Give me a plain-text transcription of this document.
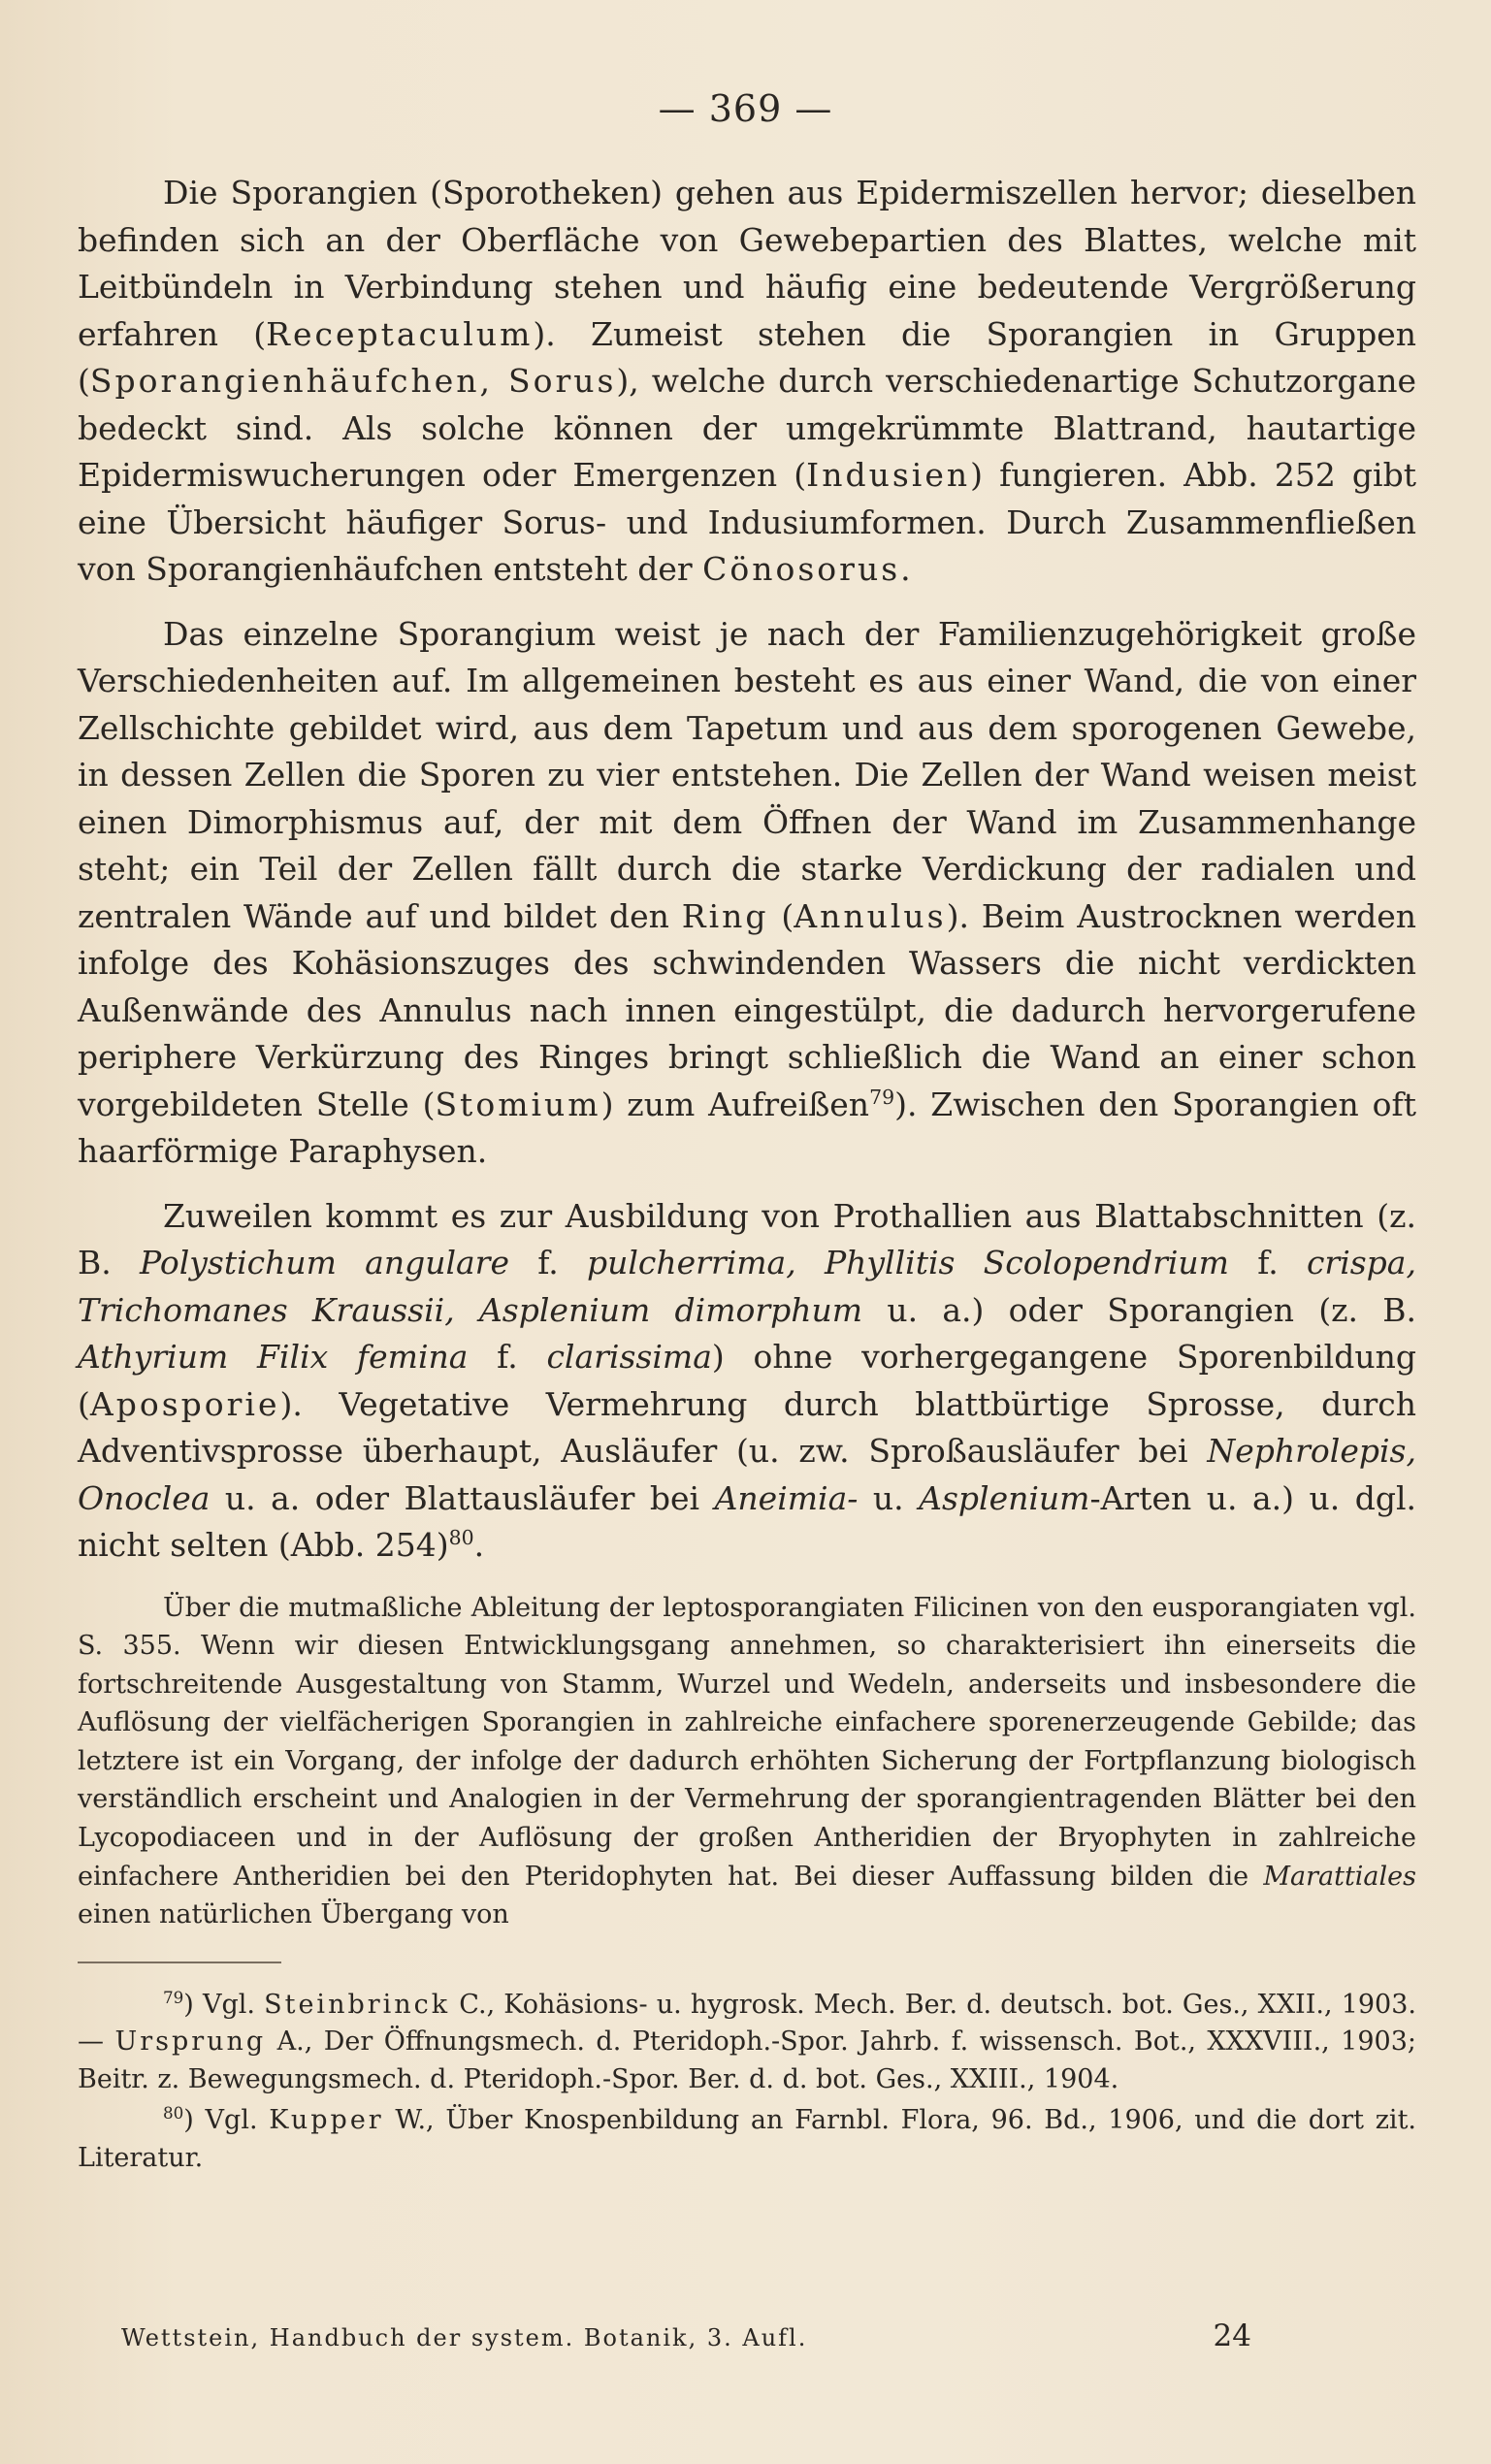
— 369 —

Die Sporangien (Sporotheken) gehen aus Epidermiszellen hervor; dieselben befinden sich an der Oberfläche von Gewebepartien des Blattes, welche mit Leitbündeln in Verbindung stehen und häufig eine bedeutende Vergrößerung erfahren (Receptaculum). Zumeist stehen die Sporangien in Gruppen (Sporangienhäufchen, Sorus), welche durch verschiedenartige Schutzorgane bedeckt sind. Als solche können der umgekrümmte Blattrand, hautartige Epidermiswucherungen oder Emergenzen (Indusien) fungieren. Abb. 252 gibt eine Übersicht häufiger Sorus- und Indusiumformen. Durch Zusammenfließen von Sporangienhäufchen entsteht der Cönosorus.

Das einzelne Sporangium weist je nach der Familienzugehörigkeit große Verschiedenheiten auf. Im allgemeinen besteht es aus einer Wand, die von einer Zellschichte gebildet wird, aus dem Tapetum und aus dem sporogenen Gewebe, in dessen Zellen die Sporen zu vier entstehen. Die Zellen der Wand weisen meist einen Dimorphismus auf, der mit dem Öffnen der Wand im Zusammenhange steht; ein Teil der Zellen fällt durch die starke Verdickung der radialen und zentralen Wände auf und bildet den Ring (Annulus). Beim Austrocknen werden infolge des Kohäsionszuges des schwindenden Wassers die nicht verdickten Außenwände des Annulus nach innen eingestülpt, die dadurch hervorgerufene periphere Verkürzung des Ringes bringt schließlich die Wand an einer schon vorgebildeten Stelle (Stomium) zum Aufreißen$^{79}$). Zwischen den Sporangien oft haarförmige Paraphysen.

Zuweilen kommt es zur Ausbildung von Prothallien aus Blattabschnitten (z. B. Polystichum angulare f. pulcherrima, Phyllitis Scolopendrium f. crispa, Trichomanes Kraussii, Asplenium dimorphum u. a.) oder Sporangien (z. B. Athyrium Filix femina f. clarissima) ohne vorhergegangene Sporenbildung (Aposporie). Vegetative Vermehrung durch blattbürtige Sprosse, durch Adventivsprosse überhaupt, Ausläufer (u. zw. Sproßausläufer bei Nephrolepis, Onoclea u. a. oder Blattausläufer bei Aneimia- u. Asplenium-Arten u. a.) u. dgl. nicht selten (Abb. 254)$^{80}$.

Über die mutmaßliche Ableitung der leptosporangiaten Filicinen von den eusporangiaten vgl. S. 355. Wenn wir diesen Entwicklungsgang annehmen, so charakterisiert ihn einerseits die fortschreitende Ausgestaltung von Stamm, Wurzel und Wedeln, anderseits und insbesondere die Auflösung der vielfächerigen Sporangien in zahlreiche einfachere sporenerzeugende Gebilde; das letztere ist ein Vorgang, der infolge der dadurch erhöhten Sicherung der Fortpflanzung biologisch verständlich erscheint und Analogien in der Vermehrung der sporangientragenden Blätter bei den Lycopodiaceen und in der Auflösung der großen Antheridien der Bryophyten in zahlreiche einfachere Antheridien bei den Pteridophyten hat. Bei dieser Auffassung bilden die Marattiales einen natürlichen Übergang von

$^{79}$) Vgl. Steinbrinck C., Kohäsions- u. hygrosk. Mech. Ber. d. deutsch. bot. Ges., XXII., 1903. — Ursprung A., Der Öffnungsmech. d. Pteridoph.-Spor. Jahrb. f. wissensch. Bot., XXXVIII., 1903; Beitr. z. Bewegungsmech. d. Pteridoph.-Spor. Ber. d. d. bot. Ges., XXIII., 1904.

$^{80}$) Vgl. Kupper W., Über Knospenbildung an Farnbl. Flora, 96. Bd., 1906, und die dort zit. Literatur.

Wettstein, Handbuch der system. Botanik, 3. Aufl.	24
